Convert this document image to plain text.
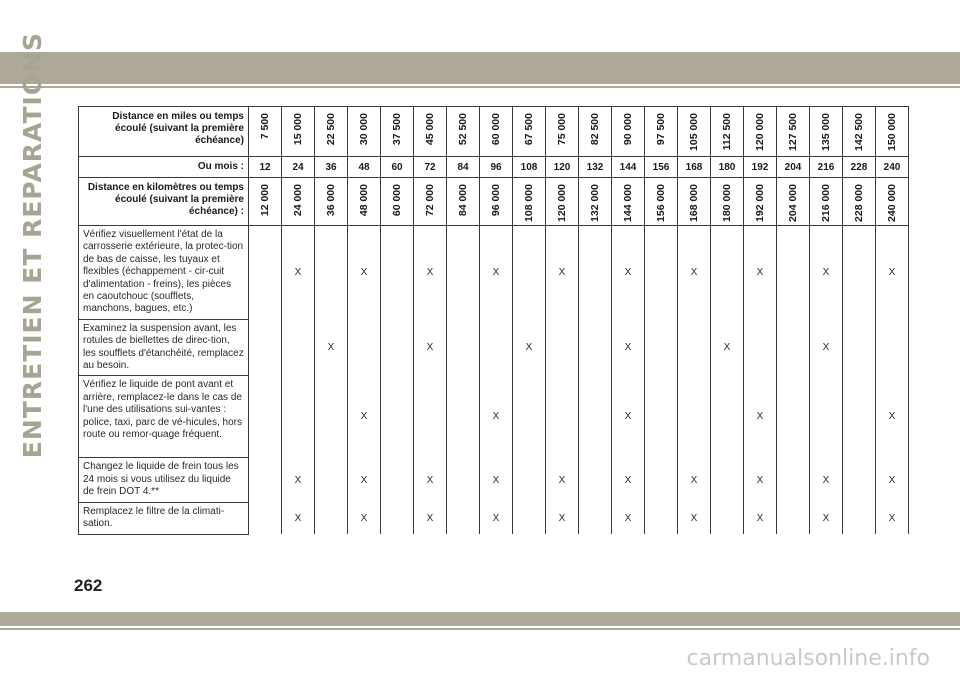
ENTRETIEN ET REPARATIONS	Distance en miles ou temps écoulé (suivant la première échéance)	7 500	15 000	22 500	30 000	37 500	45 000	52 500	60 000	67 500	75 000	82 500	90 000	97 500	105 000	112 500	120 000	127 500	135 000	142 500	150 000
Ou mois :	12	24	36	48	60	72	84	96	108	120	132	144	156	168	180	192	204	216	228	240
Distance en kilomètres ou temps écoulé (suivant la première échéance) :	12 000	24 000	36 000	48 000	60 000	72 000	84 000	96 000	108 000	120 000	132 000	144 000	156 000	168 000	180 000	192 000	204 000	216 000	228 000	240 000
Vérifiez visuellement l'état de la carrosserie extérieure, la protec-tion de bas de caisse, les tuyaux et flexibles (échappement - cir-cuit d'alimentation - freins), les pièces en caoutchouc (soufflets, manchons, bagues, etc.)		X		X		X		X		X		X		X		X		X		X
Examinez la suspension avant, les rotules de biellettes de direc-tion, les soufflets d'étanchéité, remplacez au besoin.			X			X			X			X			X			X		
Vérifiez le liquide de pont avant et arrière, remplacez-le dans le cas de l'une des utilisations sui-vantes : police, taxi, parc de vé-hicules, hors route ou remor-quage fréquent.				X				X				X				X				X
Changez le liquide de frein tous les 24 mois si vous utilisez du liquide de frein DOT 4.**		X		X		X		X		X		X		X		X		X		X
Remplacez le filtre de la climati-sation.		X		X		X		X		X		X		X		X		X		X
262
carmanualsonline.info
